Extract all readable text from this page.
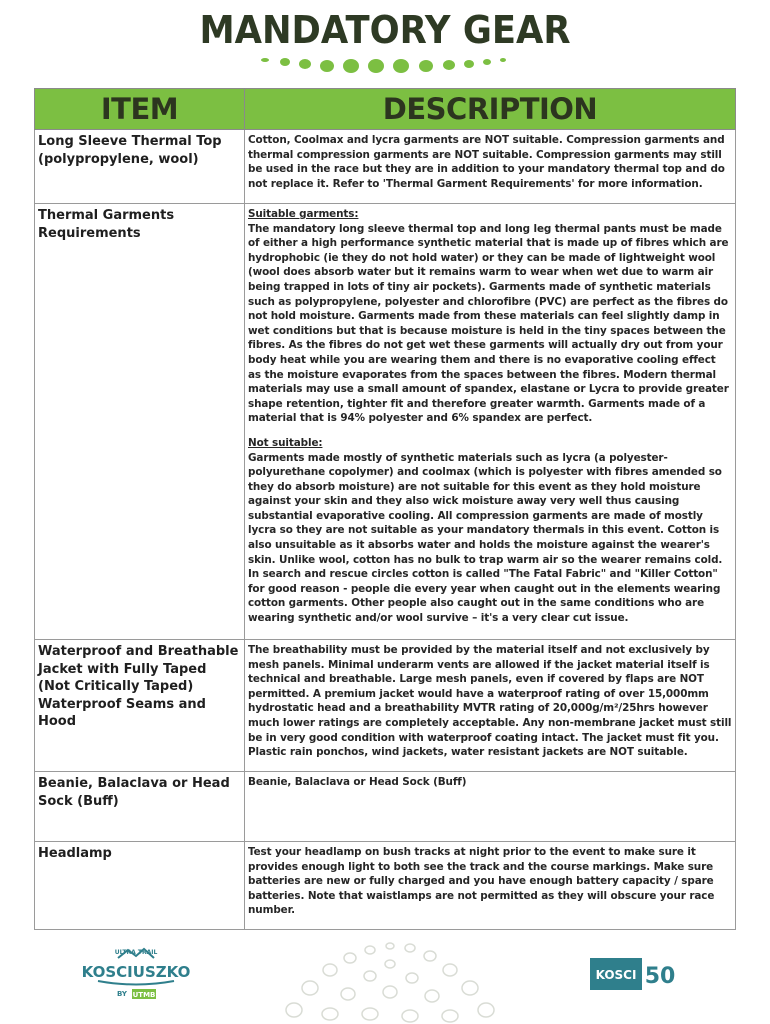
MANDATORY GEAR
ITEM	DESCRIPTION
Long Sleeve Thermal Top (polypropylene, wool)	Cotton, Coolmax and lycra garments are NOT suitable. Compression garments and thermal compression garments are NOT suitable. Compression garments may still be used in the race but they are in addition to your mandatory thermal top and do not replace it. Refer to 'Thermal Garment Requirements' for more information.
Thermal Garments Requirements	Suitable garments:
The mandatory long sleeve thermal top and long leg thermal pants must be made of either a high performance synthetic material that is made up of fibres which are hydrophobic (ie they do not hold water) or they can be made of lightweight wool (wool does absorb water but it remains warm to wear when wet due to warm air being trapped in lots of tiny air pockets). Garments made of synthetic materials such as polypropylene, polyester and chlorofibre (PVC) are perfect as the fibres do not hold moisture. Garments made from these materials can feel slightly damp in wet conditions but that is because moisture is held in the tiny spaces between the fibres. As the fibres do not get wet these garments will actually dry out from your body heat while you are wearing them and there is no evaporative cooling effect as the moisture evaporates from the spaces between the fibres. Modern thermal materials may use a small amount of spandex, elastane or Lycra to provide greater shape retention, tighter fit and therefore greater warmth. Garments made of a material that is 94% polyester and 6% spandex are perfect.
Not suitable:
Garments made mostly of synthetic materials such as lycra (a polyester-polyurethane copolymer) and coolmax (which is polyester with fibres amended so they do absorb moisture) are not suitable for this event as they hold moisture against your skin and they also wick moisture away very well thus causing substantial evaporative cooling. All compression garments are made of mostly lycra so they are not suitable as your mandatory thermals in this event. Cotton is also unsuitable as it absorbs water and holds the moisture against the wearer's skin. Unlike wool, cotton has no bulk to trap warm air so the wearer remains cold. In search and rescue circles cotton is called "The Fatal Fabric" and "Killer Cotton" for good reason - people die every year when caught out in the elements wearing cotton garments. Other people also caught out in the same conditions who are wearing synthetic and/or wool survive – it's a very clear cut issue.
Waterproof and Breathable Jacket with Fully Taped (Not Critically Taped) Waterproof Seams and Hood	The breathability must be provided by the material itself and not exclusively by mesh panels. Minimal underarm vents are allowed if the jacket material itself is technical and breathable. Large mesh panels, even if covered by flaps are NOT permitted. A premium jacket would have a waterproof rating of over 15,000mm hydrostatic head and a breathability MVTR rating of 20,000g/m²/25hrs however much lower ratings are completely acceptable. Any non-membrane jacket must still be in very good condition with waterproof coating intact. The jacket must fit you. Plastic rain ponchos, wind jackets, water resistant jackets are NOT suitable.
Beanie, Balaclava or Head Sock (Buff)	Beanie, Balaclava or Head Sock (Buff)
Headlamp	Test your headlamp on bush tracks at night prior to the event to make sure it provides enough light to both see the track and the course markings. Make sure batteries are new or fully charged and you have enough battery capacity / spare batteries. Note that waistlamps are not permitted as they will obscure your race number.
ULTRA TRAIL
KOSCIUSZKO
BY UTMB
KOSCI 50
